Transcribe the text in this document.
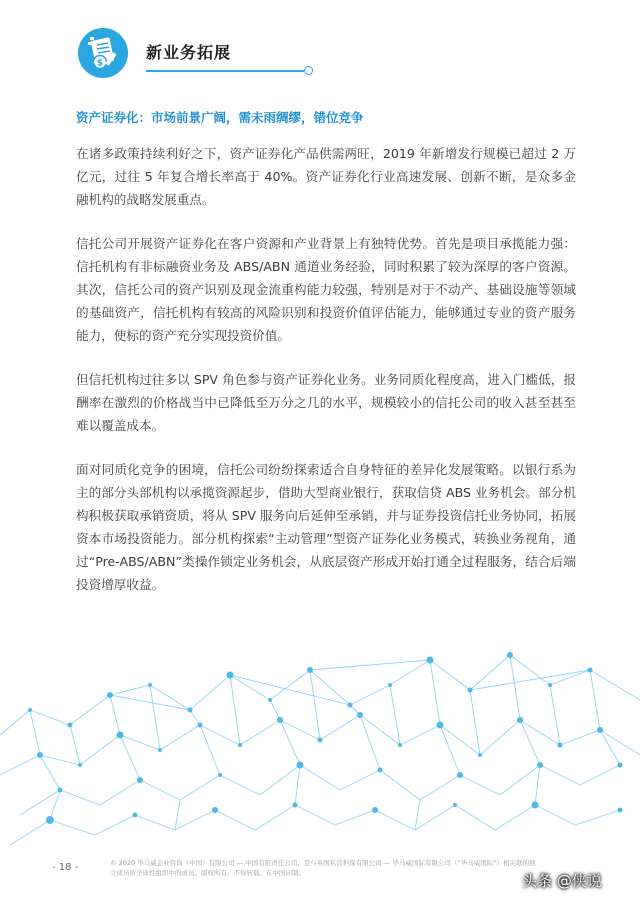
$
新业务拓展
资产证券化：市场前景广阔，需未雨绸缪，错位竞争

在诸多政策持续利好之下，资产证券化产品供需两旺，2019 年新增发行规模已超过 2 万亿元，过往 5 年复合增长率高于 40%。资产证券化行业高速发展、创新不断，是众多金融机构的战略发展重点。

信托公司开展资产证券化在客户资源和产业背景上有独特优势。首先是项目承揽能力强：信托机构有非标融资业务及 ABS/ABN 通道业务经验，同时积累了较为深厚的客户资源。其次，信托公司的资产识别及现金流重构能力较强，特别是对于不动产、基础设施等领域的基础资产，信托机构有较高的风险识别和投资价值评估能力，能够通过专业的资产服务能力，使标的资产充分实现投资价值。

但信托机构过往多以 SPV 角色参与资产证券化业务。业务同质化程度高，进入门槛低，报酬率在激烈的价格战当中已降低至万分之几的水平，规模较小的信托公司的收入甚至甚至难以覆盖成本。

面对同质化竞争的困境，信托公司纷纷探索适合自身特征的差异化发展策略。以银行系为主的部分头部机构以承揽资源起步，借助大型商业银行，获取信贷 ABS 业务机会。部分机构积极获取承销资质，将从 SPV 服务向后延伸至承销，并与证券投资信托业务协同，拓展资本市场投资能力。部分机构探索“主动管理”型资产证券化业务模式，转换业务视角，通过“Pre-ABS/ABN”类操作锁定业务机会，从底层资产形成开始打通全过程服务，结合后端投资增厚收益。

- 18 -	© 2020 毕马威企业咨询（中国）有限公司 — 中国有限责任公司，是与英国私营担保有限公司 — 毕马威国际有限公司（“毕马威国际”）相关联的独立成员所全球性组织中的成员。版权所有，不得转载。在中国印制。	头条 @侠说
